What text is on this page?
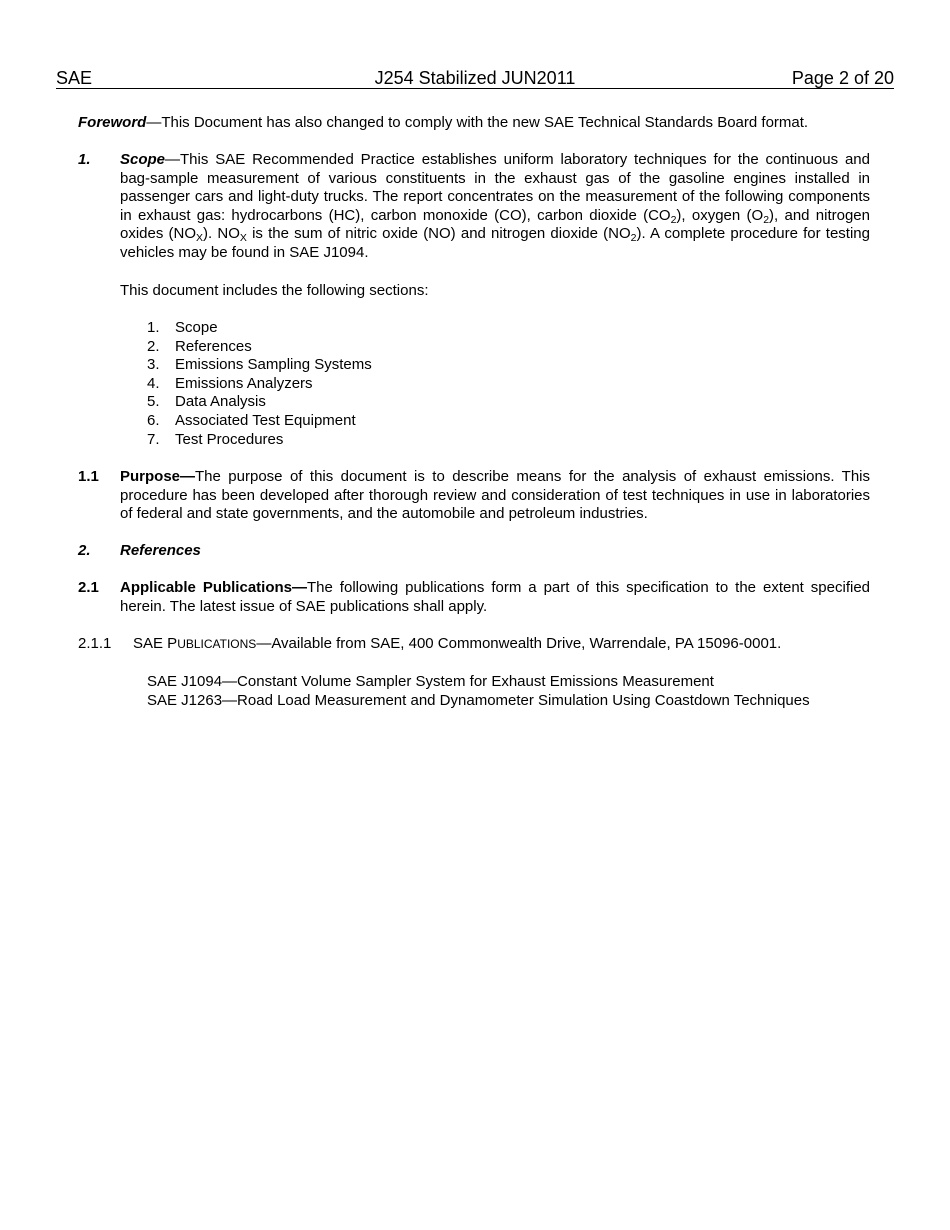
SAE	J254 Stabilized JUN2011	Page 2 of 20
Foreword—This Document has also changed to comply with the new SAE Technical Standards Board format.
1. Scope—This SAE Recommended Practice establishes uniform laboratory techniques for the continuous and bag-sample measurement of various constituents in the exhaust gas of the gasoline engines installed in passenger cars and light-duty trucks. The report concentrates on the measurement of the following components in exhaust gas: hydrocarbons (HC), carbon monoxide (CO), carbon dioxide $(CO_2)$, oxygen $(O_2)$, and nitrogen oxides $(NO_X)$. $NO_X$ is the sum of nitric oxide (NO) and nitrogen dioxide $(NO_2)$. A complete procedure for testing vehicles may be found in SAE J1094.
This document includes the following sections:
1. Scope
2. References
3. Emissions Sampling Systems
4. Emissions Analyzers
5. Data Analysis
6. Associated Test Equipment
7. Test Procedures
1.1 Purpose—The purpose of this document is to describe means for the analysis of exhaust emissions. This procedure has been developed after thorough review and consideration of test techniques in use in laboratories of federal and state governments, and the automobile and petroleum industries.
2. References
2.1 Applicable Publications—The following publications form a part of this specification to the extent specified herein. The latest issue of SAE publications shall apply.
2.1.1 SAE PUBLICATIONS—Available from SAE, 400 Commonwealth Drive, Warrendale, PA 15096-0001.
SAE J1094—Constant Volume Sampler System for Exhaust Emissions Measurement
SAE J1263—Road Load Measurement and Dynamometer Simulation Using Coastdown Techniques
